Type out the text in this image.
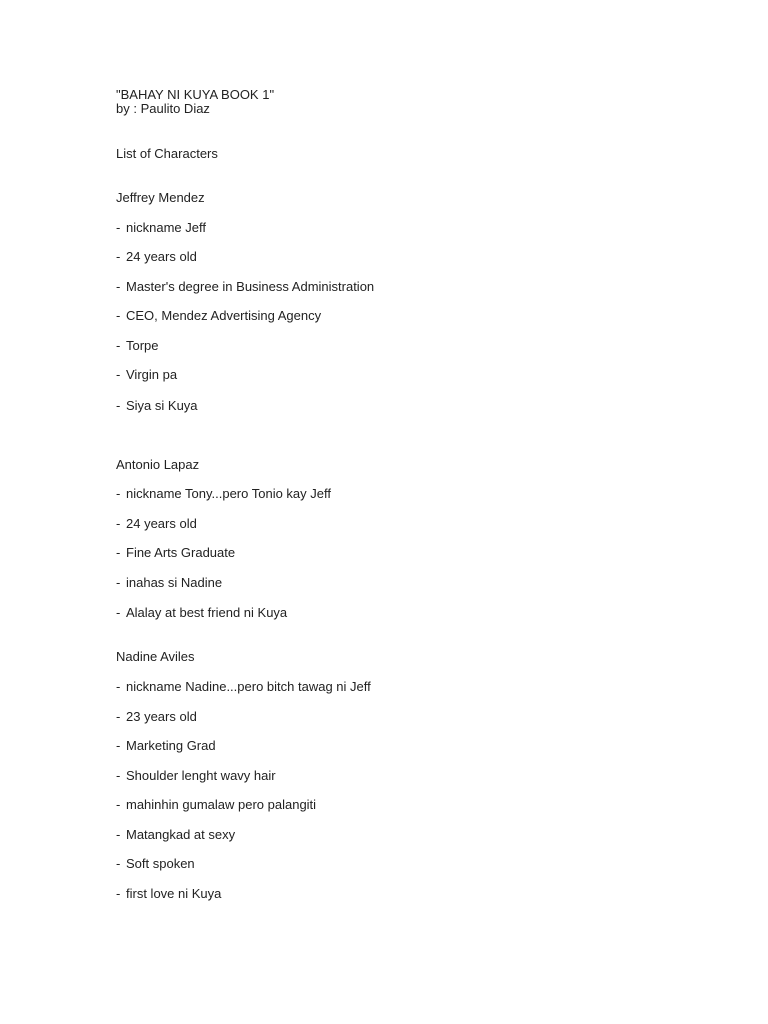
"BAHAY NI KUYA BOOK 1"
by : Paulito Diaz
List of Characters
Jeffrey Mendez
- nickname Jeff
- 24 years old
- Master's degree in Business Administration
- CEO, Mendez Advertising Agency
- Torpe
- Virgin pa
- Siya si Kuya
Antonio Lapaz
- nickname Tony...pero Tonio kay Jeff
- 24 years old
- Fine Arts Graduate
- inahas si Nadine
- Alalay at best friend ni Kuya
Nadine Aviles
- nickname Nadine...pero bitch tawag ni Jeff
- 23 years old
- Marketing Grad
- Shoulder lenght wavy hair
- mahinhin gumalaw pero palangiti
- Matangkad at sexy
- Soft spoken
- first love ni Kuya
